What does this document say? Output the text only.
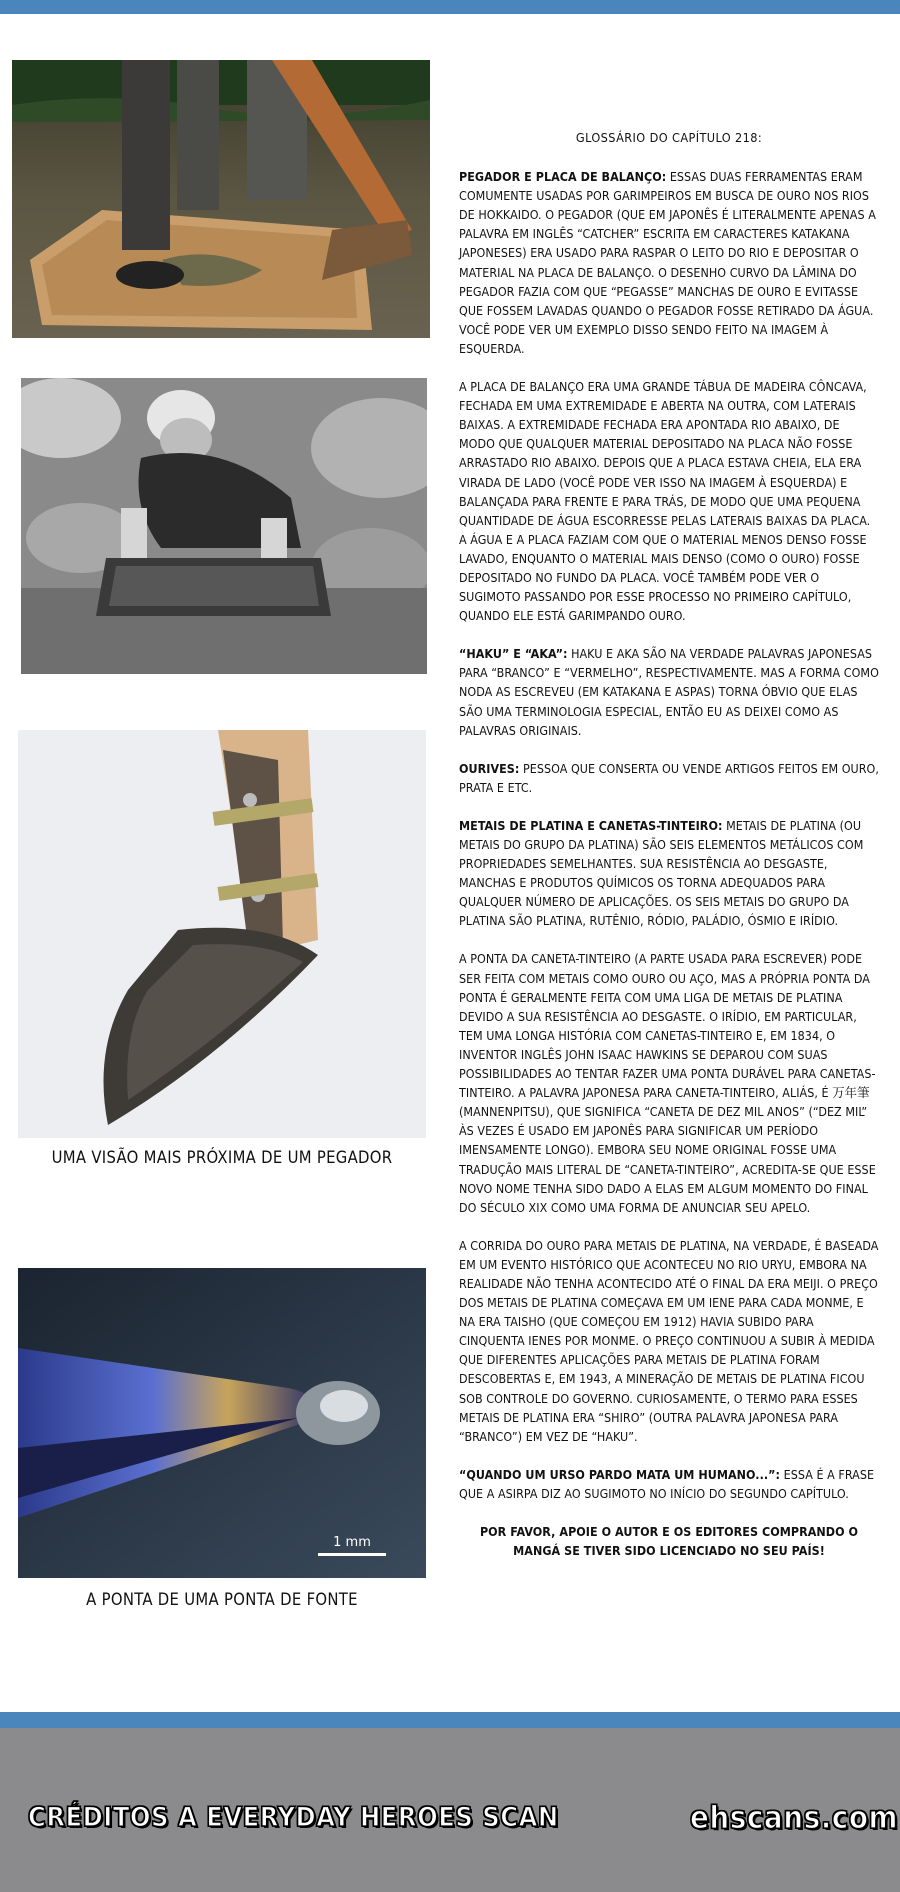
1 mm
UMA VISÃO MAIS PRÓXIMA DE UM PEGADOR
A PONTA DE UMA PONTA DE FONTE
GLOSSÁRIO DO CAPÍTULO 218:

PEGADOR E PLACA DE BALANÇO: ESSAS DUAS FERRAMENTAS ERAM COMUMENTE USADAS POR GARIMPEIROS EM BUSCA DE OURO NOS RIOS DE HOKKAIDO. O PEGADOR (QUE EM JAPONÊS É LITERALMENTE APENAS A PALAVRA EM INGLÊS “CATCHER” ESCRITA EM CARACTERES KATAKANA JAPONESES) ERA USADO PARA RASPAR O LEITO DO RIO E DEPOSITAR O MATERIAL NA PLACA DE BALANÇO. O DESENHO CURVO DA LÂMINA DO PEGADOR FAZIA COM QUE “PEGASSE” MANCHAS DE OURO E EVITASSE QUE FOSSEM LAVADAS QUANDO O PEGADOR FOSSE RETIRADO DA ÁGUA. VOCÊ PODE VER UM EXEMPLO DISSO SENDO FEITO NA IMAGEM À ESQUERDA.

A PLACA DE BALANÇO ERA UMA GRANDE TÁBUA DE MADEIRA CÔNCAVA, FECHADA EM UMA EXTREMIDADE E ABERTA NA OUTRA, COM LATERAIS BAIXAS. A EXTREMIDADE FECHADA ERA APONTADA RIO ABAIXO, DE MODO QUE QUALQUER MATERIAL DEPOSITADO NA PLACA NÃO FOSSE ARRASTADO RIO ABAIXO. DEPOIS QUE A PLACA ESTAVA CHEIA, ELA ERA VIRADA DE LADO (VOCÊ PODE VER ISSO NA IMAGEM À ESQUERDA) E BALANÇADA PARA FRENTE E PARA TRÁS, DE MODO QUE UMA PEQUENA QUANTIDADE DE ÁGUA ESCORRESSE PELAS LATERAIS BAIXAS DA PLACA. A ÁGUA E A PLACA FAZIAM COM QUE O MATERIAL MENOS DENSO FOSSE LAVADO, ENQUANTO O MATERIAL MAIS DENSO (COMO O OURO) FOSSE DEPOSITADO NO FUNDO DA PLACA. VOCÊ TAMBÉM PODE VER O SUGIMOTO PASSANDO POR ESSE PROCESSO NO PRIMEIRO CAPÍTULO, QUANDO ELE ESTÁ GARIMPANDO OURO.

“HAKU” E “AKA”: HAKU E AKA SÃO NA VERDADE PALAVRAS JAPONESAS PARA “BRANCO” E “VERMELHO”, RESPECTIVAMENTE. MAS A FORMA COMO NODA AS ESCREVEU (EM KATAKANA E ASPAS) TORNA ÓBVIO QUE ELAS SÃO UMA TERMINOLOGIA ESPECIAL, ENTÃO EU AS DEIXEI COMO AS PALAVRAS ORIGINAIS.

OURIVES: PESSOA QUE CONSERTA OU VENDE ARTIGOS FEITOS EM OURO, PRATA E ETC.

METAIS DE PLATINA E CANETAS-TINTEIRO: METAIS DE PLATINA (OU METAIS DO GRUPO DA PLATINA) SÃO SEIS ELEMENTOS METÁLICOS COM PROPRIEDADES SEMELHANTES. SUA RESISTÊNCIA AO DESGASTE, MANCHAS E PRODUTOS QUÍMICOS OS TORNA ADEQUADOS PARA QUALQUER NÚMERO DE APLICAÇÕES. OS SEIS METAIS DO GRUPO DA PLATINA SÃO PLATINA, RUTÊNIO, RÓDIO, PALÁDIO, ÓSMIO E IRÍDIO.

A PONTA DA CANETA-TINTEIRO (A PARTE USADA PARA ESCREVER) PODE SER FEITA COM METAIS COMO OURO OU AÇO, MAS A PRÓPRIA PONTA DA PONTA É GERALMENTE FEITA COM UMA LIGA DE METAIS DE PLATINA DEVIDO A SUA RESISTÊNCIA AO DESGASTE. O IRÍDIO, EM PARTICULAR, TEM UMA LONGA HISTÓRIA COM CANETAS-TINTEIRO E, EM 1834, O INVENTOR INGLÊS JOHN ISAAC HAWKINS SE DEPAROU COM SUAS POSSIBILIDADES AO TENTAR FAZER UMA PONTA DURÁVEL PARA CANETAS-TINTEIRO. A PALAVRA JAPONESA PARA CANETA-TINTEIRO, ALIÁS, É 万年筆 (MANNENPITSU), QUE SIGNIFICA “CANETA DE DEZ MIL ANOS” (“DEZ MIL” ÀS VEZES É USADO EM JAPONÊS PARA SIGNIFICAR UM PERÍODO IMENSAMENTE LONGO). EMBORA SEU NOME ORIGINAL FOSSE UMA TRADUÇÃO MAIS LITERAL DE “CANETA-TINTEIRO”, ACREDITA-SE QUE ESSE NOVO NOME TENHA SIDO DADO A ELAS EM ALGUM MOMENTO DO FINAL DO SÉCULO XIX COMO UMA FORMA DE ANUNCIAR SEU APELO.

A CORRIDA DO OURO PARA METAIS DE PLATINA, NA VERDADE, É BASEADA EM UM EVENTO HISTÓRICO QUE ACONTECEU NO RIO URYU, EMBORA NA REALIDADE NÃO TENHA ACONTECIDO ATÉ O FINAL DA ERA MEIJI. O PREÇO DOS METAIS DE PLATINA COMEÇAVA EM UM IENE PARA CADA MONME, E NA ERA TAISHO (QUE COMEÇOU EM 1912) HAVIA SUBIDO PARA CINQUENTA IENES POR MONME. O PREÇO CONTINUOU A SUBIR À MEDIDA QUE DIFERENTES APLICAÇÕES PARA METAIS DE PLATINA FORAM DESCOBERTAS E, EM 1943, A MINERAÇÃO DE METAIS DE PLATINA FICOU SOB CONTROLE DO GOVERNO. CURIOSAMENTE, O TERMO PARA ESSES METAIS DE PLATINA ERA “SHIRO” (OUTRA PALAVRA JAPONESA PARA “BRANCO”) EM VEZ DE “HAKU”.

“QUANDO UM URSO PARDO MATA UM HUMANO...”: ESSA É A FRASE QUE A ASIRPA DIZ AO SUGIMOTO NO INÍCIO DO SEGUNDO CAPÍTULO.

POR FAVOR, APOIE O AUTOR E OS EDITORES COMPRANDO O MANGÁ SE TIVER SIDO LICENCIADO NO SEU PAÍS!

CRÉDITOS A EVERYDAY HEROES SCAN	ehscans.com
